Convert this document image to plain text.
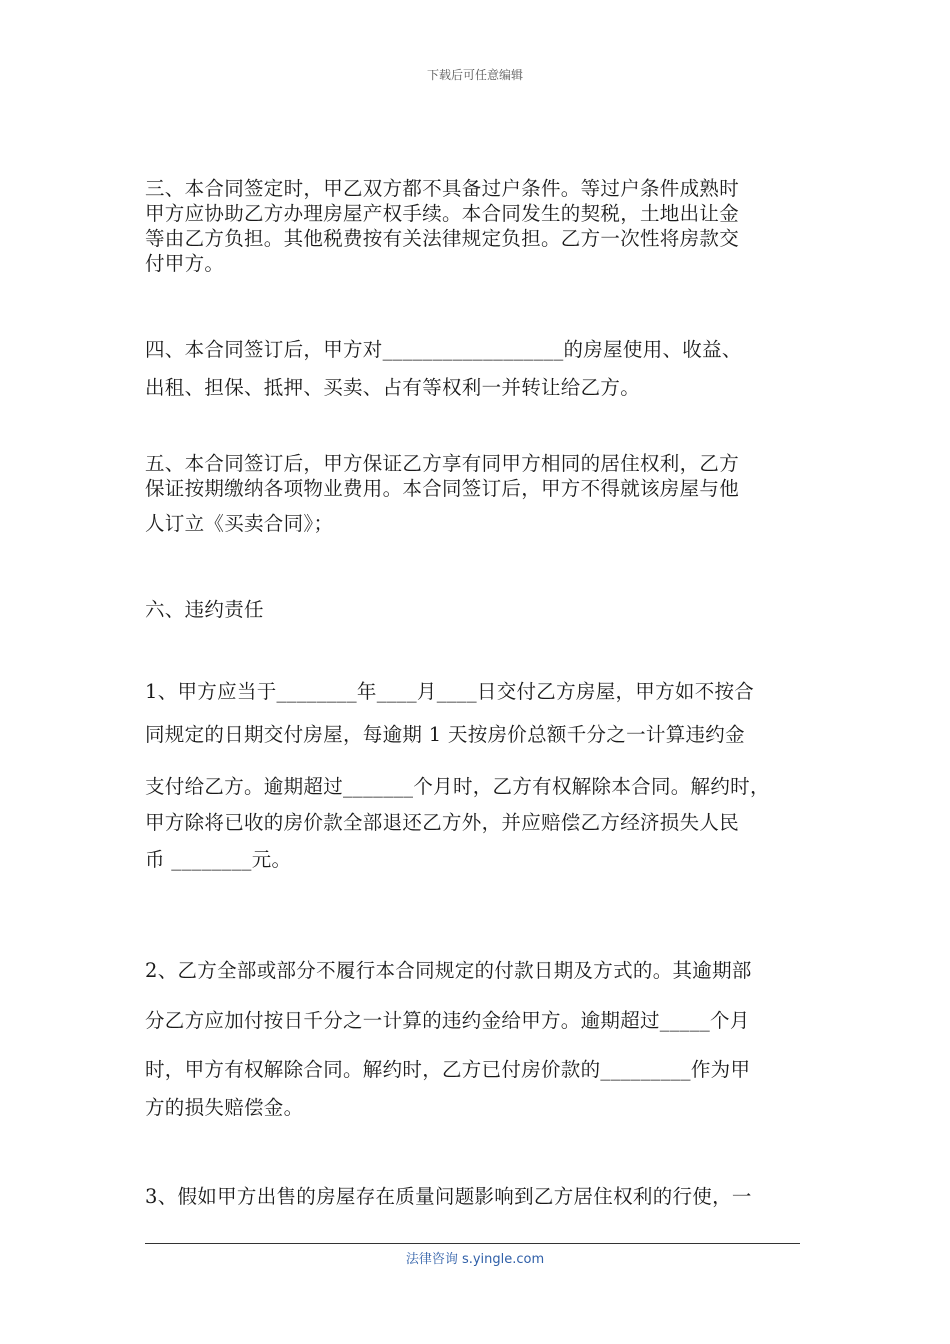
下载后可任意编辑
三、本合同签定时，甲乙双方都不具备过户条件。等过户条件成熟时
甲方应协助乙方办理房屋产权手续。本合同发生的契税，土地出让金
等由乙方负担。其他税费按有关法律规定负担。乙方一次性将房款交
付甲方。
四、本合同签订后，甲方对__________________的房屋使用、收益、
出租、担保、抵押、买卖、占有等权利一并转让给乙方。
五、本合同签订后，甲方保证乙方享有同甲方相同的居住权利，乙方
保证按期缴纳各项物业费用。本合同签订后，甲方不得就该房屋与他
人订立《买卖合同》；
六、违约责任
1、甲方应当于________年____月____日交付乙方房屋，甲方如不按合
同规定的日期交付房屋，每逾期 1 天按房价总额千分之一计算违约金
支付给乙方。逾期超过_______个月时，乙方有权解除本合同。解约时，
甲方除将已收的房价款全部退还乙方外，并应赔偿乙方经济损失人民
币 ________元。
2、乙方全部或部分不履行本合同规定的付款日期及方式的。其逾期部
分乙方应加付按日千分之一计算的违约金给甲方。逾期超过_____个月
时，甲方有权解除合同。解约时，乙方已付房价款的_________作为甲
方的损失赔偿金。
3、假如甲方出售的房屋存在质量问题影响到乙方居住权利的行使，一
法律咨询 s.yingle.com
